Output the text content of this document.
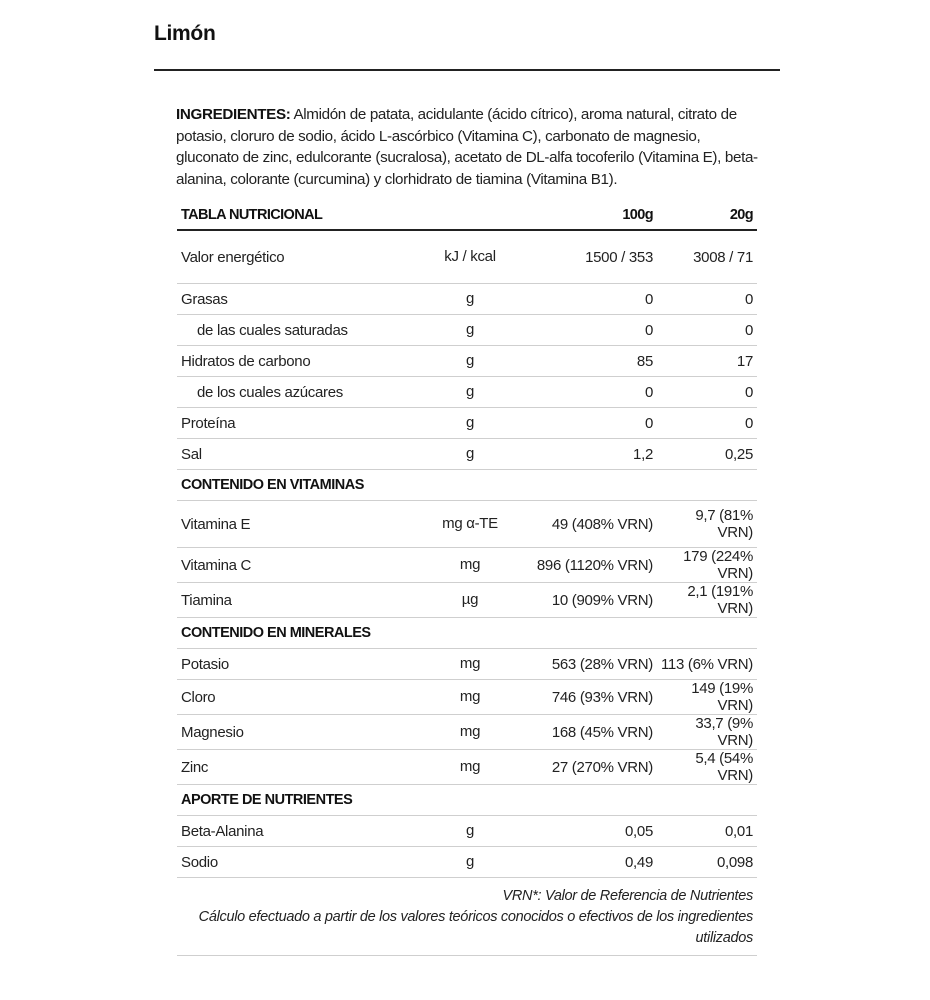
Limón

INGREDIENTES: Almidón de patata, acidulante (ácido cítrico), aroma natural, citrato de potasio, cloruro de sodio, ácido L-ascórbico (Vitamina C), carbonato de magnesio, gluconato de zinc, edulcorante (sucralosa), acetato de DL-alfa tocoferilo (Vitamina E), beta-alanina, colorante (curcumina) y clorhidrato de tiamina (Vitamina B1).

TABLA NUTRICIONAL		100g	20g
Valor energético	kJ / kcal	1500 / 353	3008 / 71
Grasas	g	0	0
de las cuales saturadas	g	0	0
Hidratos de carbono	g	85	17
de los cuales azúcares	g	0	0
Proteína	g	0	0
Sal	g	1,2	0,25
CONTENIDO EN VITAMINAS			
Vitamina E	mg α-TE	49 (408% VRN)	9,7 (81% VRN)
Vitamina C	mg	896 (1120% VRN)	179 (224% VRN)
Tiamina	µg	10 (909% VRN)	2,1 (191% VRN)
CONTENIDO EN MINERALES			
Potasio	mg	563 (28% VRN)	113 (6% VRN)
Cloro	mg	746 (93% VRN)	149 (19% VRN)
Magnesio	mg	168 (45% VRN)	33,7 (9% VRN)
Zinc	mg	27 (270% VRN)	5,4 (54% VRN)
APORTE DE NUTRIENTES			
Beta-Alanina	g	0,05	0,01
Sodio	g	0,49	0,098
VRN*: Valor de Referencia de Nutrientes
Cálculo efectuado a partir de los valores teóricos conocidos o efectivos de los ingredientes utilizados
